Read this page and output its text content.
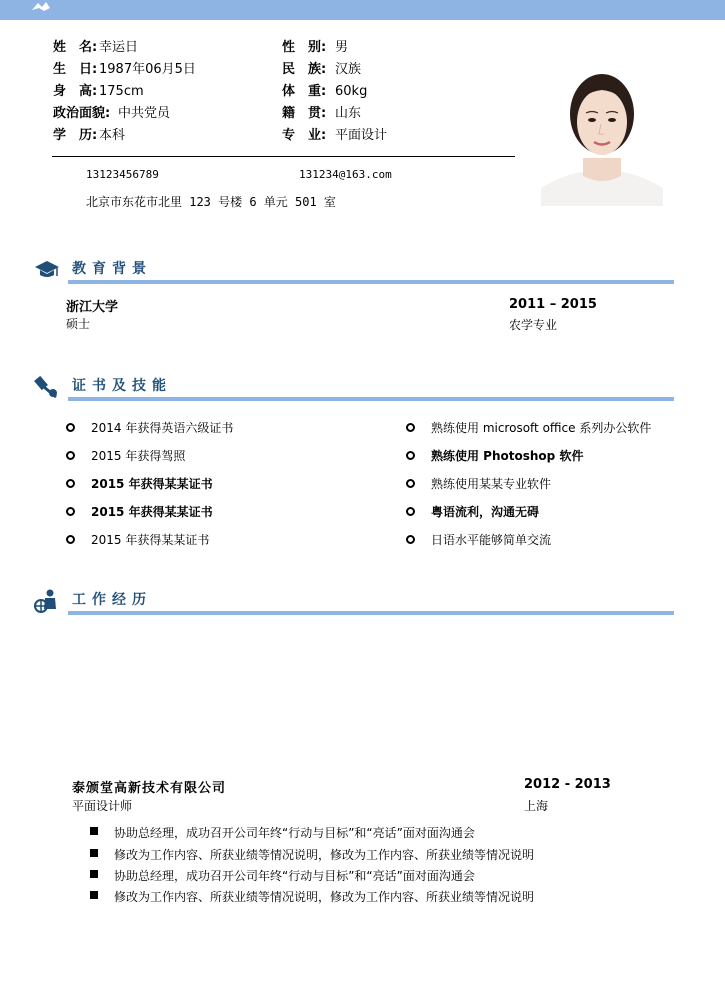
姓　名: 幸运日
生　日: 1987年06月5日
身　高: 175cm
政治面貌: 中共党员
学　历: 本科
性　别: 男
民　族: 汉族
体　重: 60kg
籍　贯: 山东
专　业: 平面设计
13123456789	131234@163.com
北京市东花市北里 123 号楼 6 单元 501 室
教育背景
浙江大学
硕士
2011 – 2015
农学专业
证书及技能
2014 年获得英语六级证书
2015 年获得驾照
2015 年获得某某证书
2015 年获得某某证书
2015 年获得某某证书
熟练使用 microsoft office 系列办公软件
熟练使用 Photoshop 软件
熟练使用某某专业软件
粤语流利，沟通无碍
日语水平能够简单交流
工作经历
泰颁堂高新技术有限公司
平面设计师
2012 - 2013
上海
协助总经理，成功召开公司年终“行动与目标”和“亮话”面对面沟通会
修改为工作内容、所获业绩等情况说明，修改为工作内容、所获业绩等情况说明
协助总经理，成功召开公司年终“行动与目标”和“亮话”面对面沟通会
修改为工作内容、所获业绩等情况说明，修改为工作内容、所获业绩等情况说明
